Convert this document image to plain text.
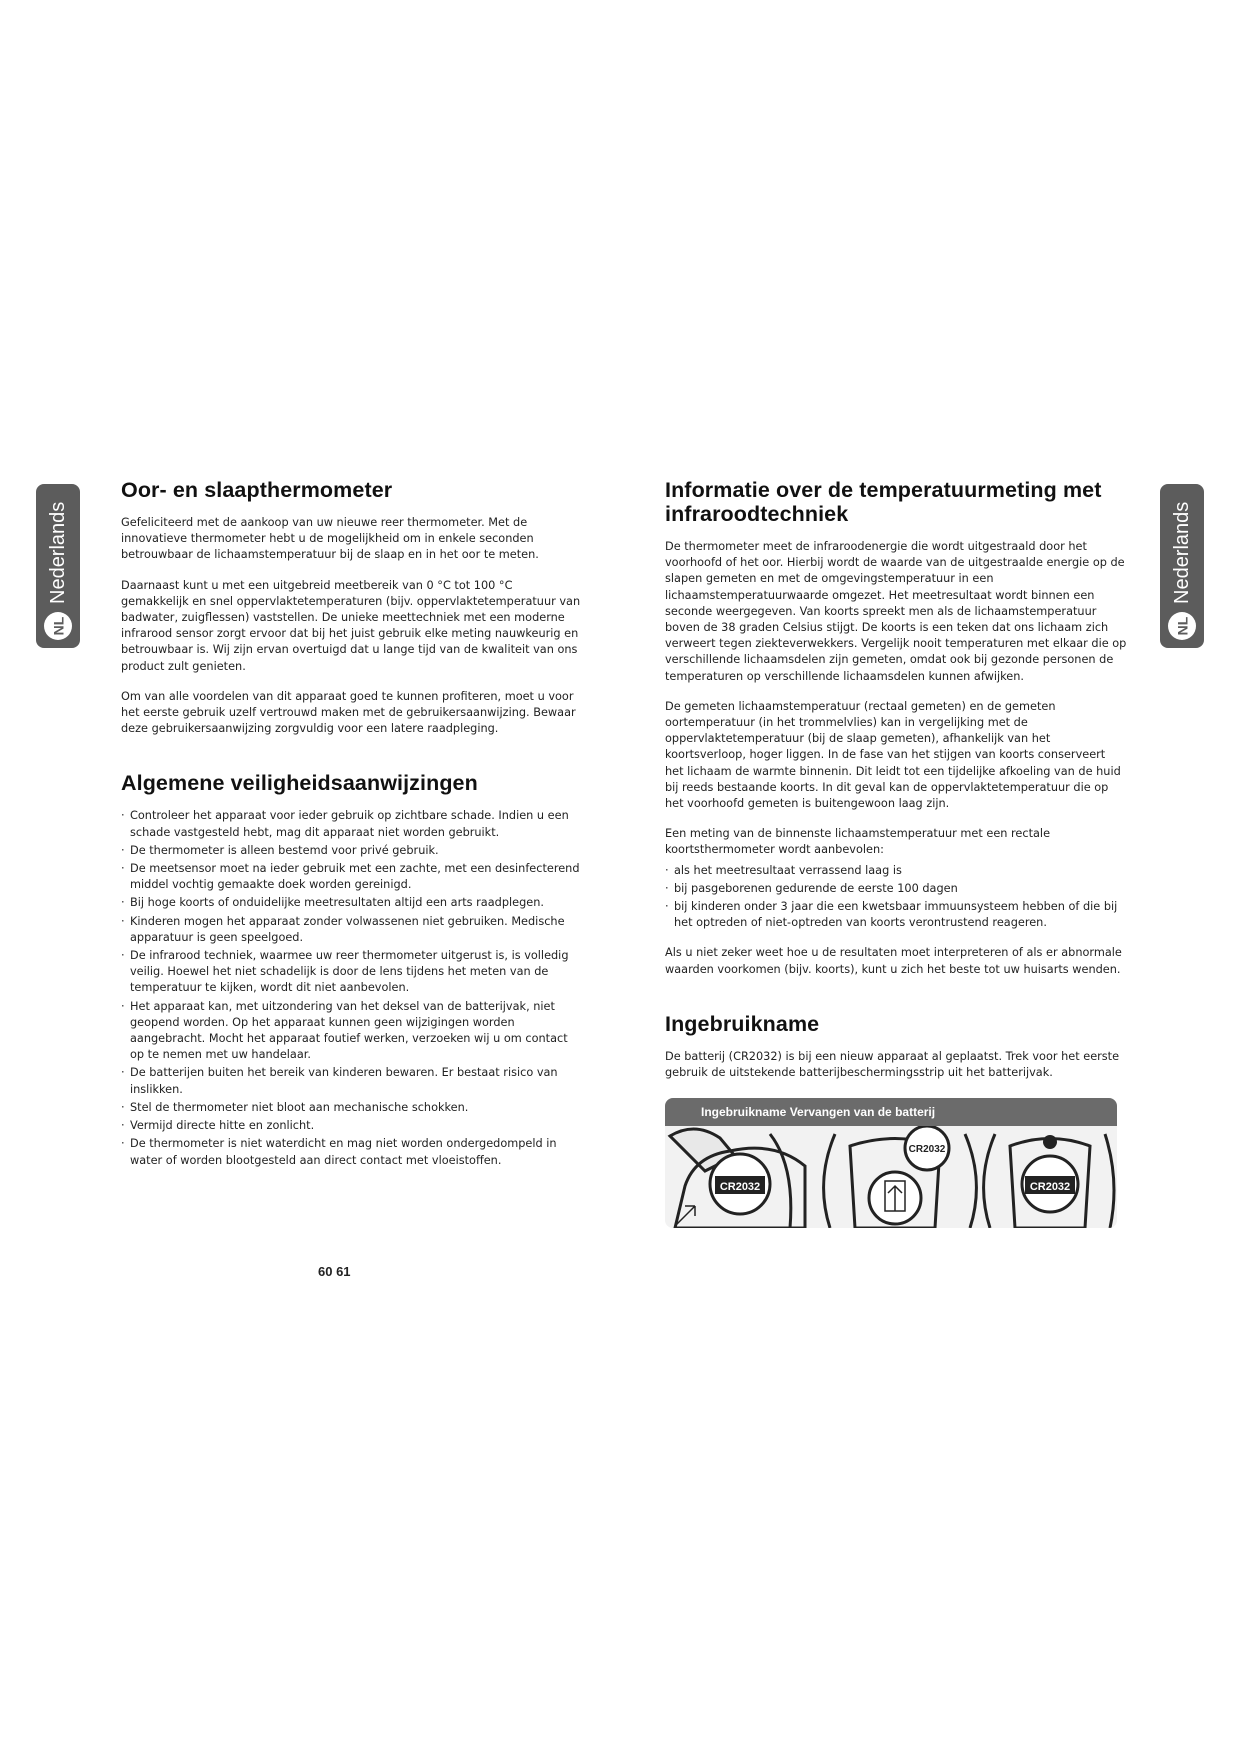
Nederlands
NL
Nederlands
NL
Oor- en slaapthermometer

Gefeliciteerd met de aankoop van uw nieuwe reer thermometer. Met de innovatieve thermometer hebt u de mogelijkheid om in enkele seconden betrouwbaar de lichaamstemperatuur bij de slaap en in het oor te meten.

Daarnaast kunt u met een uitgebreid meetbereik van 0 °C tot 100 °C gemakkelijk en snel oppervlaktetemperaturen (bijv. oppervlaktetemperatuur van badwater, zuigflessen) vaststellen. De unieke meettechniek met een moderne infrarood sensor zorgt ervoor dat bij het juist gebruik elke meting nauwkeurig en betrouwbaar is. Wij zijn ervan overtuigd dat u lange tijd van de kwaliteit van ons product zult genieten.

Om van alle voordelen van dit apparaat goed te kunnen profiteren, moet u voor het eerste gebruik uzelf vertrouwd maken met de gebruikersaanwijzing. Bewaar deze gebruikersaanwijzing zorgvuldig voor een latere raadpleging.

Algemene veiligheidsaanwijzingen
· Controleer het apparaat voor ieder gebruik op zichtbare schade. Indien u een schade vastgesteld hebt, mag dit apparaat niet worden gebruikt.
· De thermometer is alleen bestemd voor privé gebruik.
· De meetsensor moet na ieder gebruik met een zachte, met een desinfecterend middel vochtig gemaakte doek worden gereinigd.
· Bij hoge koorts of onduidelijke meetresultaten altijd een arts raadplegen.
· Kinderen mogen het apparaat zonder volwassenen niet gebruiken. Medische apparatuur is geen speelgoed.
· De infrarood techniek, waarmee uw reer thermometer uitgerust is, is volledig veilig. Hoewel het niet schadelijk is door de lens tijdens het meten van de temperatuur te kijken, wordt dit niet aanbevolen.
· Het apparaat kan, met uitzondering van het deksel van de batterijvak, niet geopend worden. Op het apparaat kunnen geen wijzigingen worden aangebracht. Mocht het apparaat foutief werken, verzoeken wij u om contact op te nemen met uw handelaar.
· De batterijen buiten het bereik van kinderen bewaren. Er bestaat risico van inslikken.
· Stel de thermometer niet bloot aan mechanische schokken.
· Vermijd directe hitte en zonlicht.
· De thermometer is niet waterdicht en mag niet worden ondergedompeld in water of worden blootgesteld aan direct contact met vloeistoffen.
Informatie over de temperatuurmeting met infraroodtechniek

De thermometer meet de infraroodenergie die wordt uitgestraald door het voorhoofd of het oor. Hierbij wordt de waarde van de uitgestraalde energie op de slapen gemeten en met de omgevingstemperatuur in een lichaamstemperatuurwaarde omgezet. Het meetresultaat wordt binnen een seconde weergegeven. Van koorts spreekt men als de lichaamstemperatuur boven de 38 graden Celsius stijgt. De koorts is een teken dat ons lichaam zich verweert tegen ziekteverwekkers. Vergelijk nooit temperaturen met elkaar die op verschillende lichaamsdelen zijn gemeten, omdat ook bij gezonde personen de temperaturen op verschillende lichaamsdelen kunnen afwijken.

De gemeten lichaamstemperatuur (rectaal gemeten) en de gemeten oortemperatuur (in het trommelvlies) kan in vergelijking met de oppervlaktetemperatuur (bij de slaap gemeten), afhankelijk van het koortsverloop, hoger liggen. In de fase van het stijgen van koorts conserveert het lichaam de warmte binnenin. Dit leidt tot een tijdelijke afkoeling van de huid bij reeds bestaande koorts. In dit geval kan de oppervlaktetemperatuur die op het voorhoofd gemeten is buitengewoon laag zijn.

Een meting van de binnenste lichaamstemperatuur met een rectale koortsthermometer wordt aanbevolen:

· als het meetresultaat verrassend laag is
· bij pasgeborenen gedurende de eerste 100 dagen
· bij kinderen onder 3 jaar die een kwetsbaar immuunsysteem hebben of die bij het optreden of niet-optreden van koorts verontrustend reageren.

Als u niet zeker weet hoe u de resultaten moet interpreteren of als er abnormale waarden voorkomen (bijv. koorts), kunt u zich het beste tot uw huisarts wenden.

Ingebruikname

De batterij (CR2032) is bij een nieuw apparaat al geplaatst. Trek voor het eerste gebruik de uitstekende batterijbeschermingsstrip uit het batterijvak.

Ingebruikname Vervangen van de batterij
CR2032
CR2032
CR2032
60 61
